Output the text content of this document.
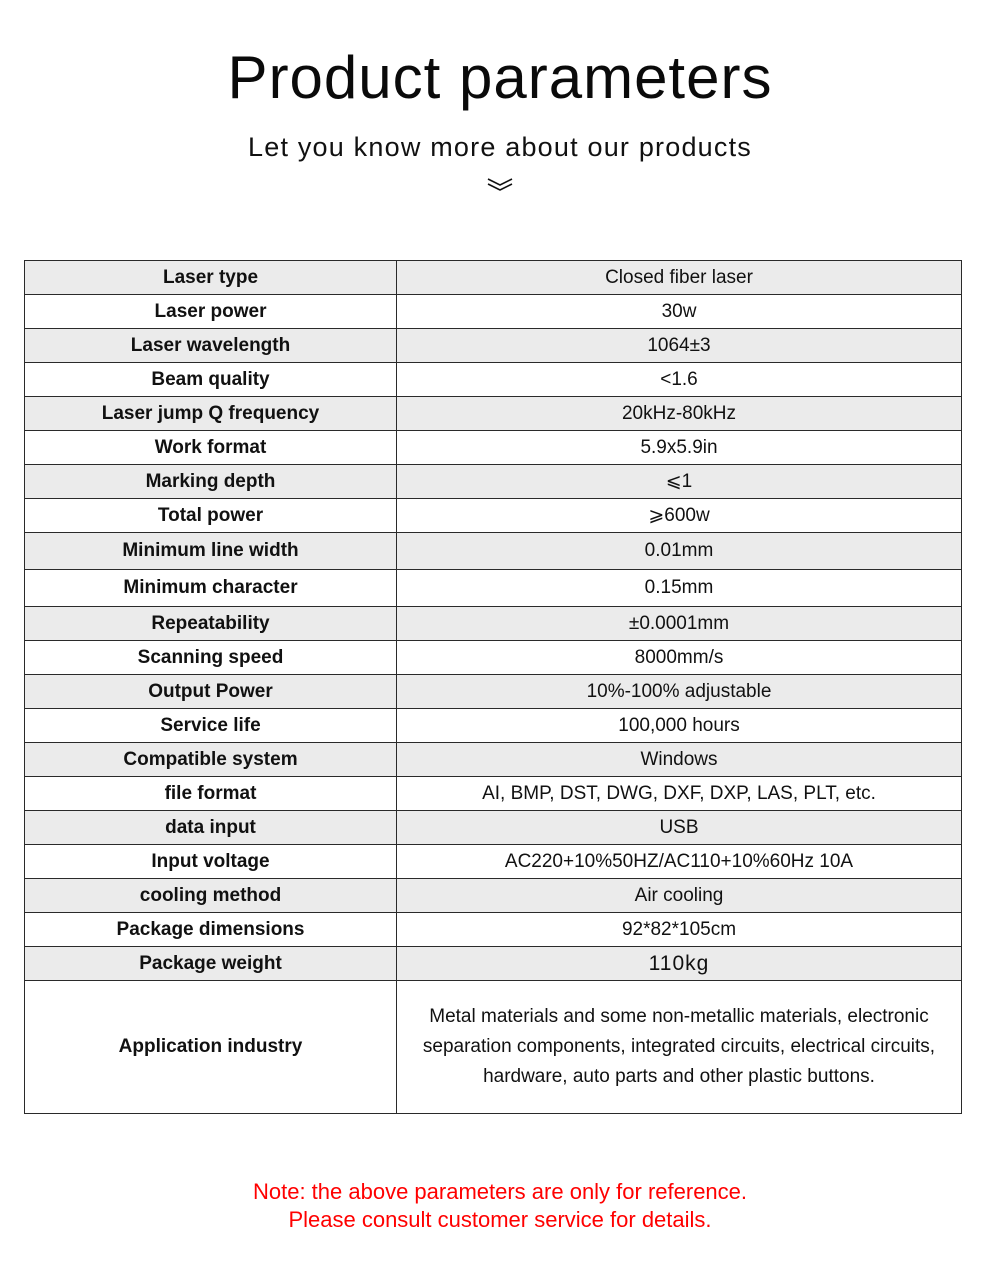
Product parameters
Let you know more about our products
Laser type	Closed fiber laser
Laser power	30w
Laser wavelength	1064±3
Beam quality	<1.6
Laser jump Q frequency	20kHz-80kHz
Work format	5.9x5.9in
Marking depth	⩽1
Total power	⩾600w
Minimum line width	0.01mm
Minimum character	0.15mm
Repeatability	±0.0001mm
Scanning speed	8000mm/s
Output Power	10%-100% adjustable
Service life	100,000 hours
Compatible system	Windows
file format	AI, BMP, DST, DWG, DXF, DXP, LAS, PLT, etc.
data input	USB
Input voltage	AC220+10%50HZ/AC110+10%60Hz 10A
cooling method	Air cooling
Package dimensions	92*82*105cm
Package weight	110kg
Application industry	Metal materials and some non-metallic materials, electronic separation components, integrated circuits, electrical circuits, hardware, auto parts and other plastic buttons.
Note: the above parameters are only for reference.
Please consult customer service for details.
